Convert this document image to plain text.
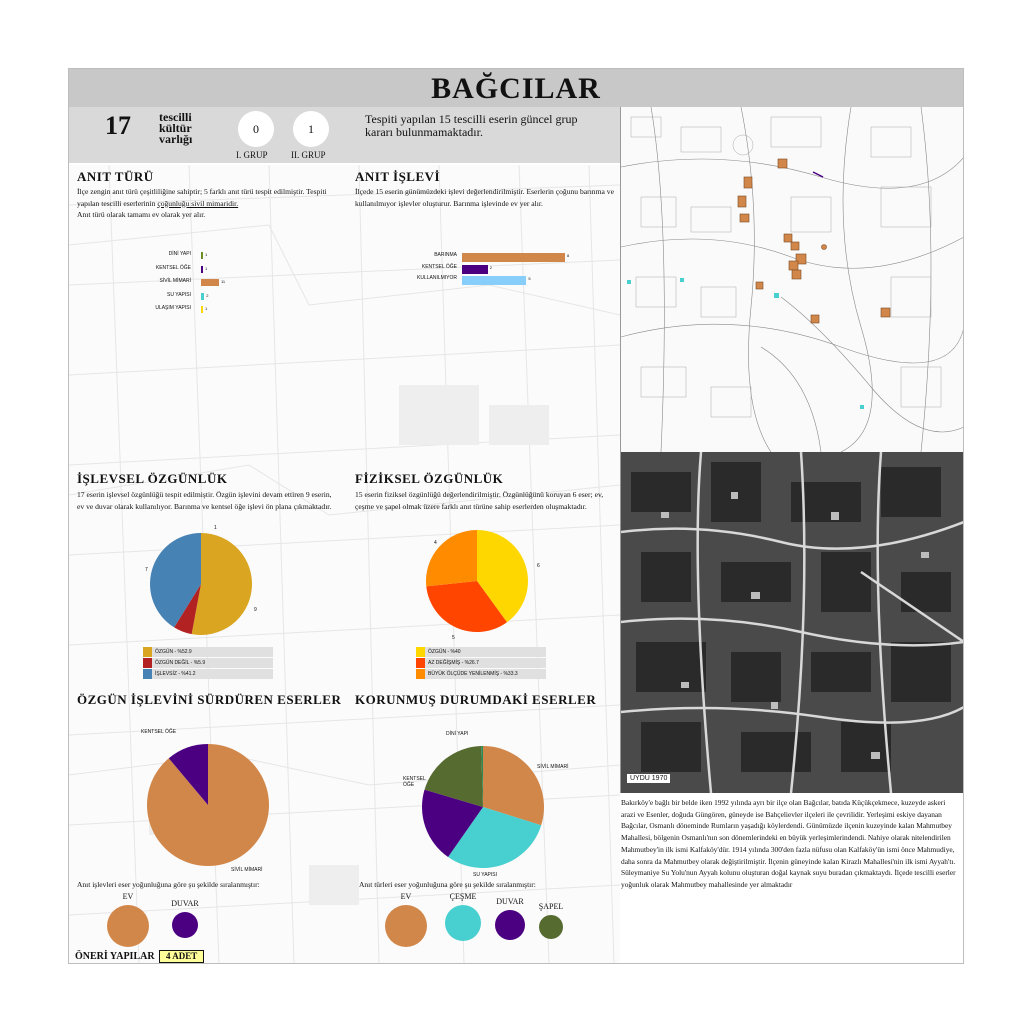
BAĞCILAR
17 tescilli
kültür
varlığı
0
I. GRUP
1
II. GRUP
Tespiti yapılan 15 tescilli eserin güncel grup kararı bulunmamaktadır.
ANIT TÜRÜ
İlçe zengin anıt türü çeşitliliğine sahiptir; 5 farklı anıt türü tespit edilmiştir. Tespiti yapılan tescilli eserlerinin çoğunluğu sivil mimaridir.
Anıt türü olarak tamamı ev olarak yer alır.
DİNİ YAPI	1
KENTSEL ÖĞE	1
SİVİL MİMARİ	11
SU YAPISI	2
ULAŞIM YAPISI	1
ANIT İŞLEVİ
İlçede 15 eserin günümüzdeki işlevi değerlendirilmiştir. Eserlerin çoğunu barınma ve kullanılmıyor işlevler oluşturur. Barınma işlevinde ev yer alır.
BARINMA	8
KENTSEL ÖĞE	2
KULLANILMIYOR	5
İŞLEVSEL ÖZGÜNLÜK
17 eserin işlevsel özgünlüğü tespit edilmiştir. Özgün işlevini devam ettiren 9 eserin, ev ve duvar olarak kullanılıyor. Barınma ve kentsel öğe işlevi ön plana çıkmaktadır.
1
7
9
ÖZGÜN - %52.9
ÖZGÜN DEĞİL - %5.9
İŞLEVSİZ - %41.2
FİZİKSEL ÖZGÜNLÜK
15 eserin fiziksel özgünlüğü değerlendirilmiştir. Özgünlüğünü koruyan 6 eser; ev, çeşme ve şapel olmak üzere farklı anıt türüne sahip eserlerden oluşmaktadır.
4
6
5
ÖZGÜN - %40
AZ DEĞİŞMİŞ - %26.7
BÜYÜK ÖLÇÜDE YENİLENMİŞ - %33.3
ÖZGÜN İŞLEVİNİ SÜRDÜREN ESERLER
KENTSEL ÖĞE
SİVİL MİMARİ
Anıt işlevleri eser yoğunluğuna göre şu şekilde sıralanmıştır:
EV
DUVAR
KORUNMUŞ DURUMDAKİ ESERLER
SİVİL MİMARİ
SU YAPISI
KENTSEL ÖĞE
DİNİ YAPI
Anıt türleri eser yoğunluğuna göre şu şekilde sıralanmıştır:
EV	ÇEŞME
DUVAR
ŞAPEL
ÖNERİ YAPILAR	4 ADET
UYDU 1970
Bakırköy'e bağlı bir belde iken 1992 yılında ayrı bir ilçe olan Bağcılar, batıda Küçükçekmece, kuzeyde askeri arazi ve Esenler, doğuda Güngören, güneyde ise Bahçelievler ilçeleri ile çevrilidir. Yerleşimi eskiye dayanan Bağcılar, Osmanlı döneminde Rumların yaşadığı köylerdendi. Günümüzde ilçenin kuzeyinde kalan Mahmutbey Mahallesi, bölgenin Osmanlı'nın son dönemlerindeki en büyük yerleşimlerindendi. Nahiye olarak nitelendirilen Mahmutbey'in ilk ismi Kalfaköy'dür. 1914 yılında 300'den fazla nüfusu olan Kalfaköy'ün ismi önce Mahmudiye, daha sonra da Mahmutbey olarak değiştirilmiştir. İlçenin güneyinde kalan Kirazlı Mahallesi'nin ilk ismi Ayyah'tı. Süleymaniye Su Yolu'nun Ayyah kolunu oluşturan doğal kaynak suyu buradan çıkmaktaydı. İlçede tescilli eserler yoğunluk olarak Mahmutbey mahallesinde yer almaktadır
